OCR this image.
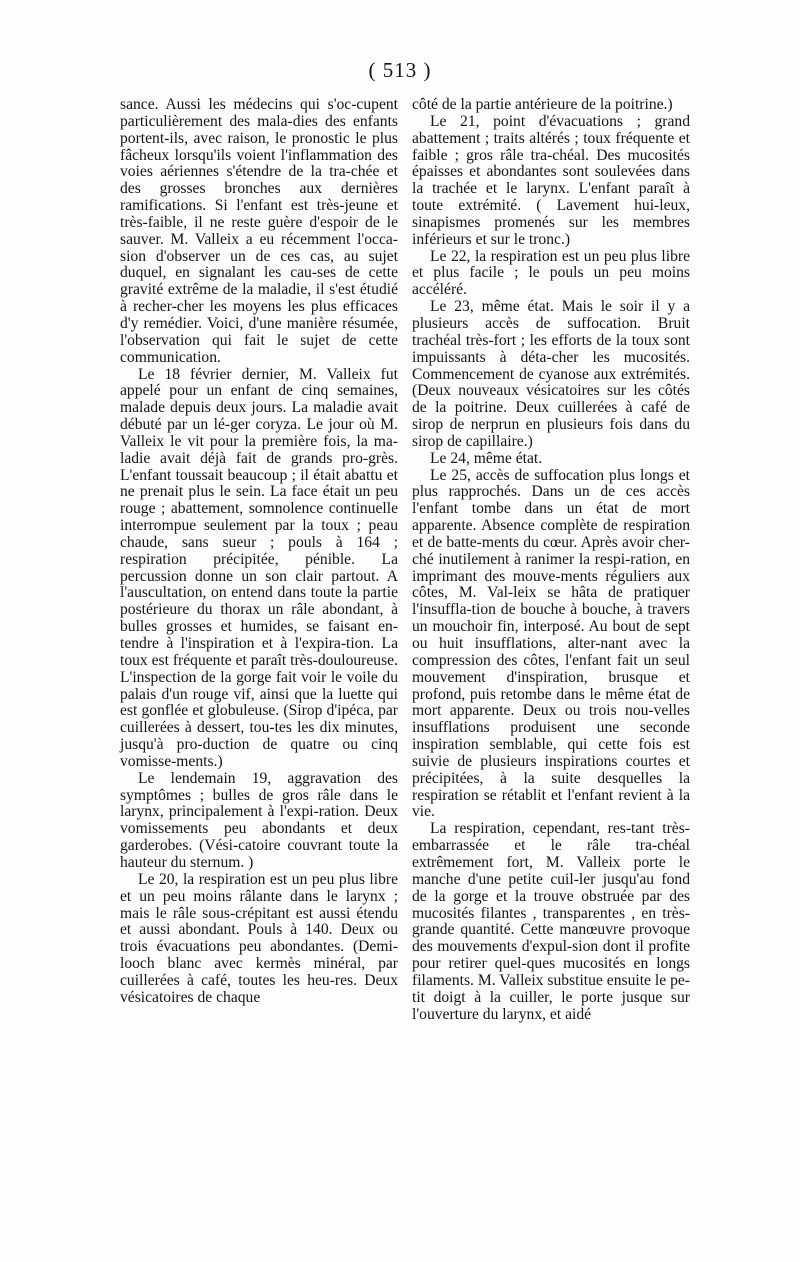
( 513 )

sance. Aussi les médecins qui s'oc-cupent particulièrement des mala-dies des enfants portent-ils, avec raison, le pronostic le plus fâcheux lorsqu'ils voient l'inflammation des voies aériennes s'étendre de la tra-chée et des grosses bronches aux dernières ramifications. Si l'enfant est très-jeune et très-faible, il ne reste guère d'espoir de le sauver. M. Valleix a eu récemment l'occa-sion d'observer un de ces cas, au sujet duquel, en signalant les cau-ses de cette gravité extrême de la maladie, il s'est étudié à recher-cher les moyens les plus efficaces d'y remédier. Voici, d'une manière résumée, l'observation qui fait le sujet de cette communication.

Le 18 février dernier, M. Valleix fut appelé pour un enfant de cinq semaines, malade depuis deux jours. La maladie avait débuté par un lé-ger coryza. Le jour où M. Valleix le vit pour la première fois, la ma-ladie avait déjà fait de grands pro-grès. L'enfant toussait beaucoup ; il était abattu et ne prenait plus le sein. La face était un peu rouge ; abattement, somnolence continuelle interrompue seulement par la toux ; peau chaude, sans sueur ; pouls à 164 ; respiration précipitée, pénible. La percussion donne un son clair partout. A l'auscultation, on entend dans toute la partie postérieure du thorax un râle abondant, à bulles grosses et humides, se faisant en-tendre à l'inspiration et à l'expira-tion. La toux est fréquente et paraît très-douloureuse. L'inspection de la gorge fait voir le voile du palais d'un rouge vif, ainsi que la luette qui est gonflée et globuleuse. (Sirop d'ipéca, par cuillerées à dessert, tou-tes les dix minutes, jusqu'à pro-duction de quatre ou cinq vomisse-ments.)

Le lendemain 19, aggravation des symptômes ; bulles de gros râle dans le larynx, principalement à l'expi-ration. Deux vomissements peu abondants et deux garderobes. (Vési-catoire couvrant toute la hauteur du sternum. )

Le 20, la respiration est un peu plus libre et un peu moins râlante dans le larynx ; mais le râle sous-crépitant est aussi étendu et aussi abondant. Pouls à 140. Deux ou trois évacuations peu abondantes. (Demi-looch blanc avec kermès minéral, par cuillerées à café, toutes les heu-res. Deux vésicatoires de chaque

côté de la partie antérieure de la poitrine.)

Le 21, point d'évacuations ; grand abattement ; traits altérés ; toux fréquente et faible ; gros râle tra-chéal. Des mucosités épaisses et abondantes sont soulevées dans la trachée et le larynx. L'enfant paraît à toute extrémité. ( Lavement hui-leux, sinapismes promenés sur les membres inférieurs et sur le tronc.)

Le 22, la respiration est un peu plus libre et plus facile ; le pouls un peu moins accéléré.

Le 23, même état. Mais le soir il y a plusieurs accès de suffocation. Bruit trachéal très-fort ; les efforts de la toux sont impuissants à déta-cher les mucosités. Commencement de cyanose aux extrémités. (Deux nouveaux vésicatoires sur les côtés de la poitrine. Deux cuillerées à café de sirop de nerprun en plusieurs fois dans du sirop de capillaire.)

Le 24, même état.

Le 25, accès de suffocation plus longs et plus rapprochés. Dans un de ces accès l'enfant tombe dans un état de mort apparente. Absence complète de respiration et de batte-ments du cœur. Après avoir cher-ché inutilement à ranimer la respi-ration, en imprimant des mouve-ments réguliers aux côtes, M. Val-leix se hâta de pratiquer l'insuffla-tion de bouche à bouche, à travers un mouchoir fin, interposé. Au bout de sept ou huit insufflations, alter-nant avec la compression des côtes, l'enfant fait un seul mouvement d'inspiration, brusque et profond, puis retombe dans le même état de mort apparente. Deux ou trois nou-velles insufflations produisent une seconde inspiration semblable, qui cette fois est suivie de plusieurs inspirations courtes et précipitées, à la suite desquelles la respiration se rétablit et l'enfant revient à la vie.

La respiration, cependant, res-tant très-embarrassée et le râle tra-chéal extrêmement fort, M. Valleix porte le manche d'une petite cuil-ler jusqu'au fond de la gorge et la trouve obstruée par des mucosités filantes , transparentes , en très-grande quantité. Cette manœuvre provoque des mouvements d'expul-sion dont il profite pour retirer quel-ques mucosités en longs filaments. M. Valleix substitue ensuite le pe-tit doigt à la cuiller, le porte jusque sur l'ouverture du larynx, et aidé
